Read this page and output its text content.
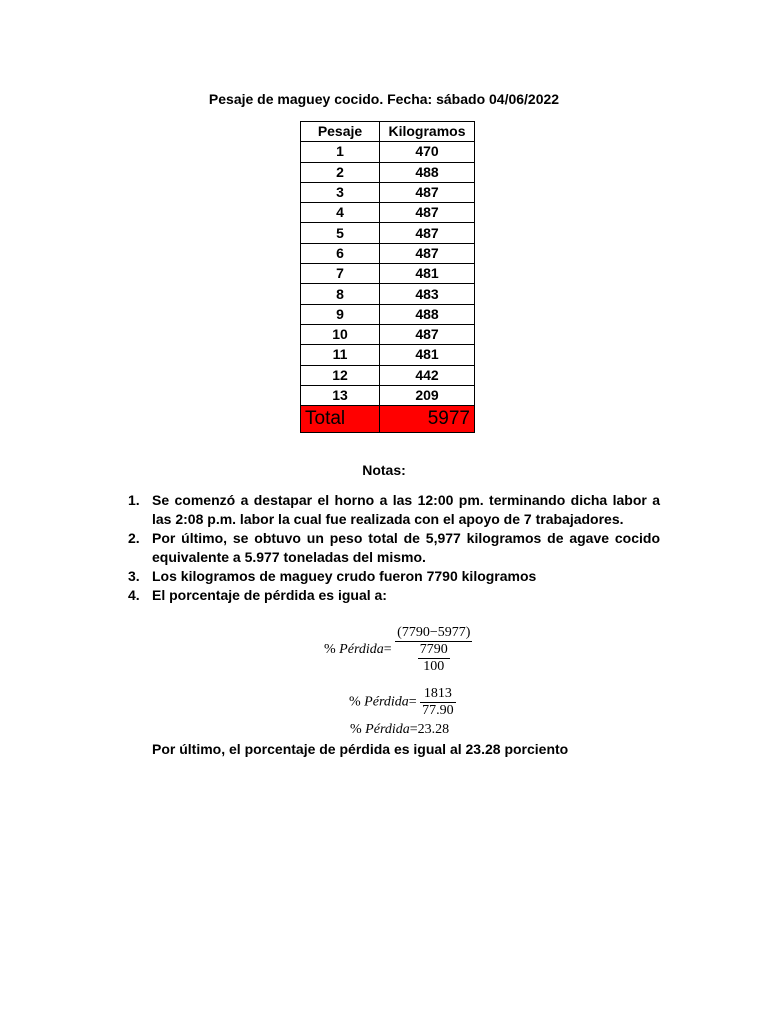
Pesaje de maguey cocido. Fecha: sábado 04/06/2022
Pesaje	Kilogramos
1	470
2	488
3	487
4	487
5	487
6	487
7	481
8	483
9	488
10	487
11	481
12	442
13	209
Total	5977
Notas:
1. Se comenzó a destapar el horno a las 12:00 pm. terminando dicha labor a las 2:08 p.m. labor la cual fue realizada con el apoyo de 7 trabajadores.
2. Por último, se obtuvo un peso total de 5,977 kilogramos de agave cocido equivalente a 5.977 toneladas del mismo.
3. Los kilogramos de maguey crudo fueron 7790 kilogramos
4. El porcentaje de pérdida es igual a:
% Pérdida= $\frac{(7790-5977)}{\frac{7790}{100}}$
% Pérdida= $\frac{1813}{77.90}$
% Pérdida=23.28
Por último, el porcentaje de pérdida es igual al 23.28 porciento
